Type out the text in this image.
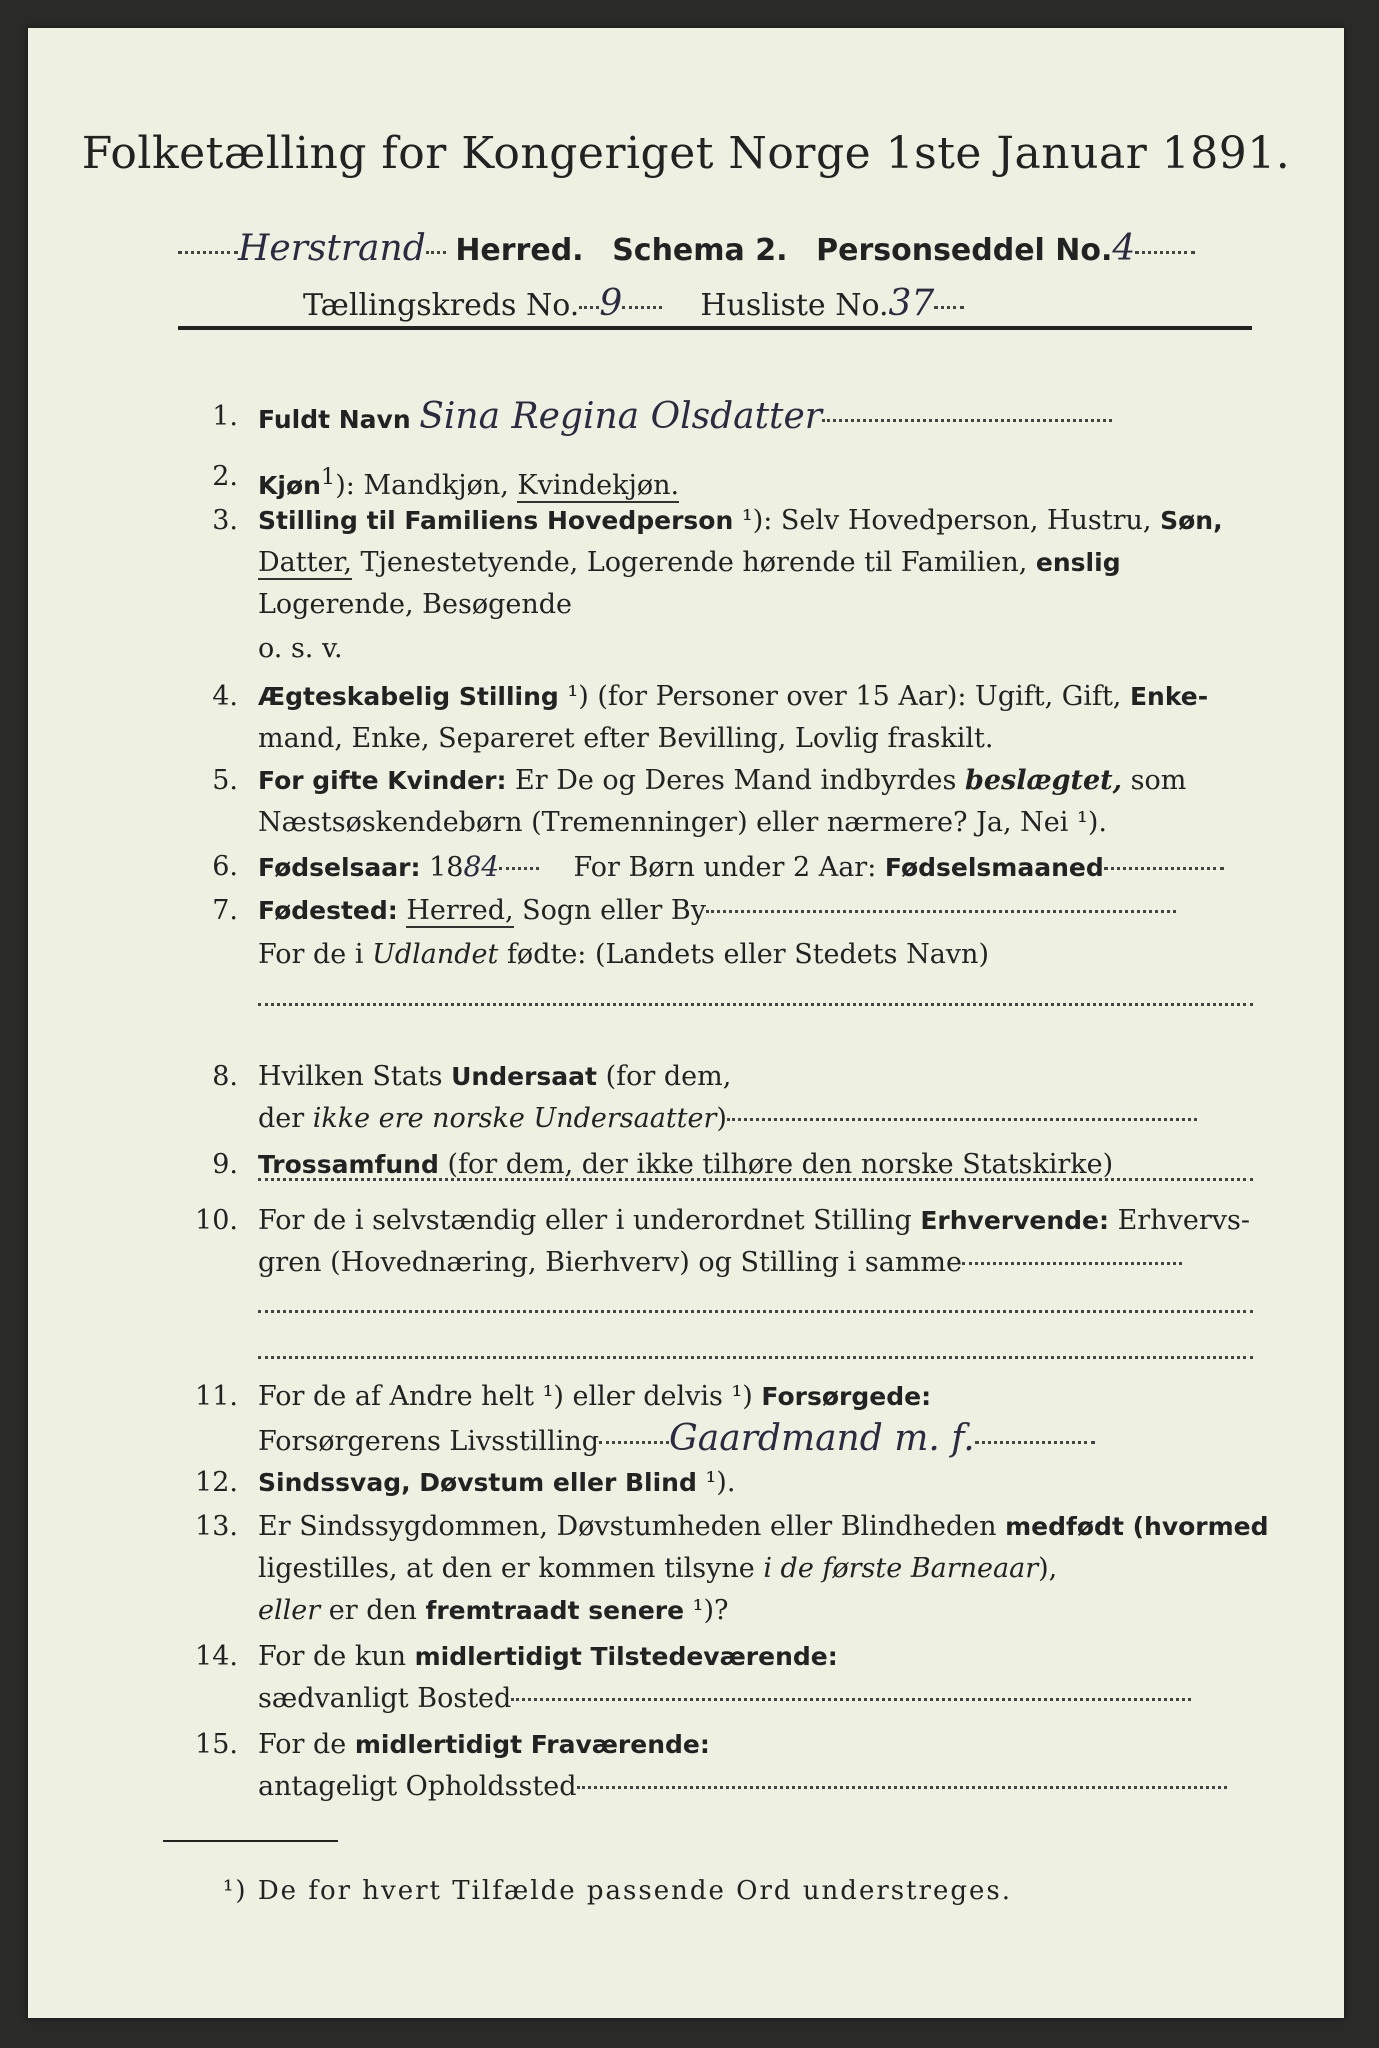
Folketælling for Kongeriget Norge 1ste Januar 1891.
Herstrand Herred. Schema 2. Personseddel No.4
Tællingskreds No. 9	Husliste No.37
1. Fuldt Navn Sina Regina Olsdatter
2. Kjøn$^1$): Mandkjøn, Kvindekjøn.
3. Stilling til Familiens Hovedperson ¹): Selv Hovedperson, Hustru, Søn,
Datter, Tjenestetyende, Logerende hørende til Familien, enslig
Logerende, Besøgende
o. s. v.
4. Ægteskabelig Stilling ¹) (for Personer over 15 Aar): Ugift, Gift, Enke-
mand, Enke, Separeret efter Bevilling, Lovlig fraskilt.
5. For gifte Kvinder: Er De og Deres Mand indbyrdes beslægtet, som
Næstsøskendebørn (Tremenninger) eller nærmere? Ja, Nei ¹).
6. Fødselsaar: 1884	For Børn under 2 Aar: Fødselsmaaned
7. Fødested: Herred, Sogn eller By
For de i Udlandet fødte: (Landets eller Stedets Navn)
8. Hvilken Stats Undersaat (for dem,
der ikke ere norske Undersaatter)
9. Trossamfund (for dem, der ikke tilhøre den norske Statskirke)
10. For de i selvstændig eller i underordnet Stilling Erhvervende: Erhvervs-
gren (Hovednæring, Bierhverv) og Stilling i samme
11. For de af Andre helt ¹) eller delvis ¹) Forsørgede:
Forsørgerens Livsstilling Gaardmand m. f.
12. Sindssvag, Døvstum eller Blind ¹).
13. Er Sindssygdommen, Døvstumheden eller Blindheden medfødt (hvormed
ligestilles, at den er kommen tilsyne i de første Barneaar),
eller er den fremtraadt senere ¹)?
14. For de kun midlertidigt Tilstedeværende:
sædvanligt Bosted
15. For de midlertidigt Fraværende:
antageligt Opholdssted
¹) De for hvert Tilfælde passende Ord understreges.
